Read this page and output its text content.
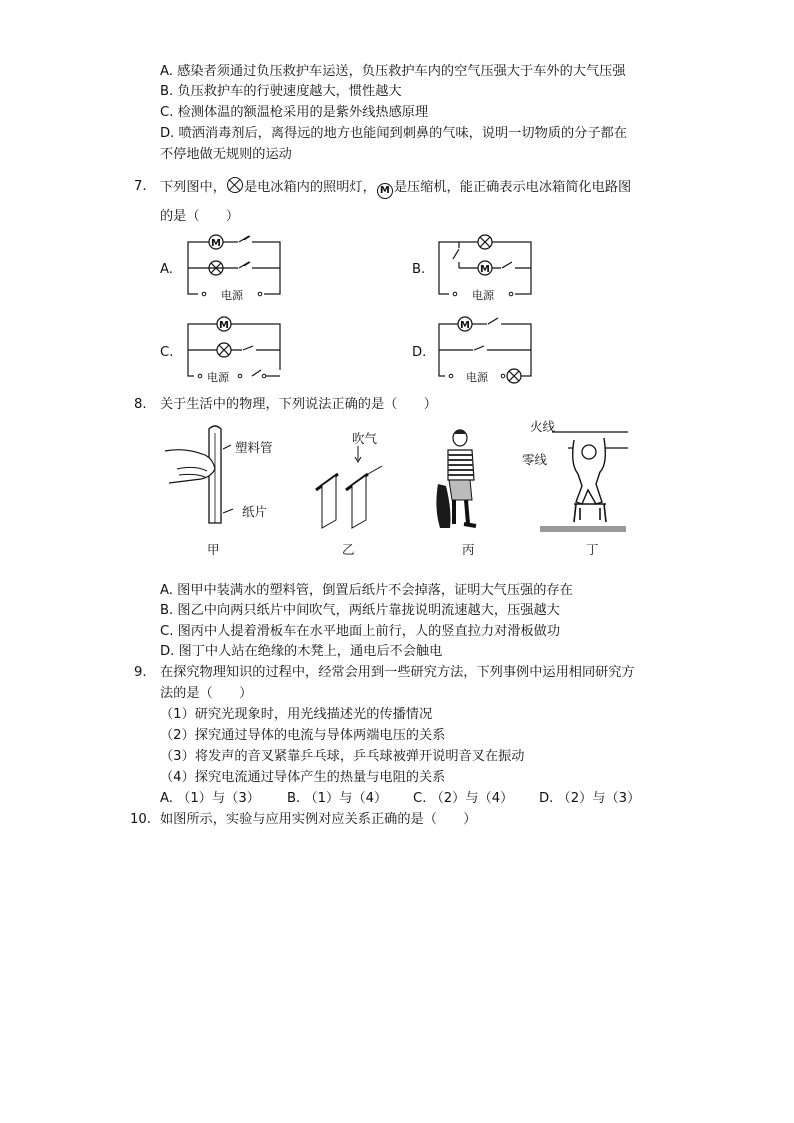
A. 感染者须通过负压救护车运送，负压救护车内的空气压强大于车外的大气压强
B. 负压救护车的行驶速度越大，惯性越大
C. 检测体温的额温枪采用的是紫外线热感原理
D. 喷洒消毒剂后，离得远的地方也能闻到刺鼻的气味，说明一切物质的分子都在
不停地做无规则的运动
7. 下列图中， 是电冰箱内的照明灯， M 是压缩机，能正确表示电冰箱简化电路图
的是（　　）
A.
M
电源
B.	M
电源
C.
M
电源
D.
M
电源
8. 关于生活中的物理，下列说法正确的是（　　）
塑料管
纸片
吹气
火线
零线
甲	乙	丙	丁
A. 图甲中装满水的塑料管，倒置后纸片不会掉落，证明大气压强的存在
B. 图乙中向两只纸片中间吹气，两纸片靠拢说明流速越大，压强越大
C. 图丙中人提着滑板车在水平地面上前行，人的竖直拉力对滑板做功
D. 图丁中人站在绝缘的木凳上，通电后不会触电
9. 在探究物理知识的过程中，经常会用到一些研究方法，下列事例中运用相同研究方
法的是（　　）
（1）研究光现象时，用光线描述光的传播情况
（2）探究通过导体的电流与导体两端电压的关系
（3）将发声的音叉紧靠乒乓球，乒乓球被弹开说明音叉在振动
（4）探究电流通过导体产生的热量与电阻的关系
A. （1）与（3） B. （1）与（4） C. （2）与（4） D. （2）与（3）
10. 如图所示，实验与应用实例对应关系正确的是（　　）
